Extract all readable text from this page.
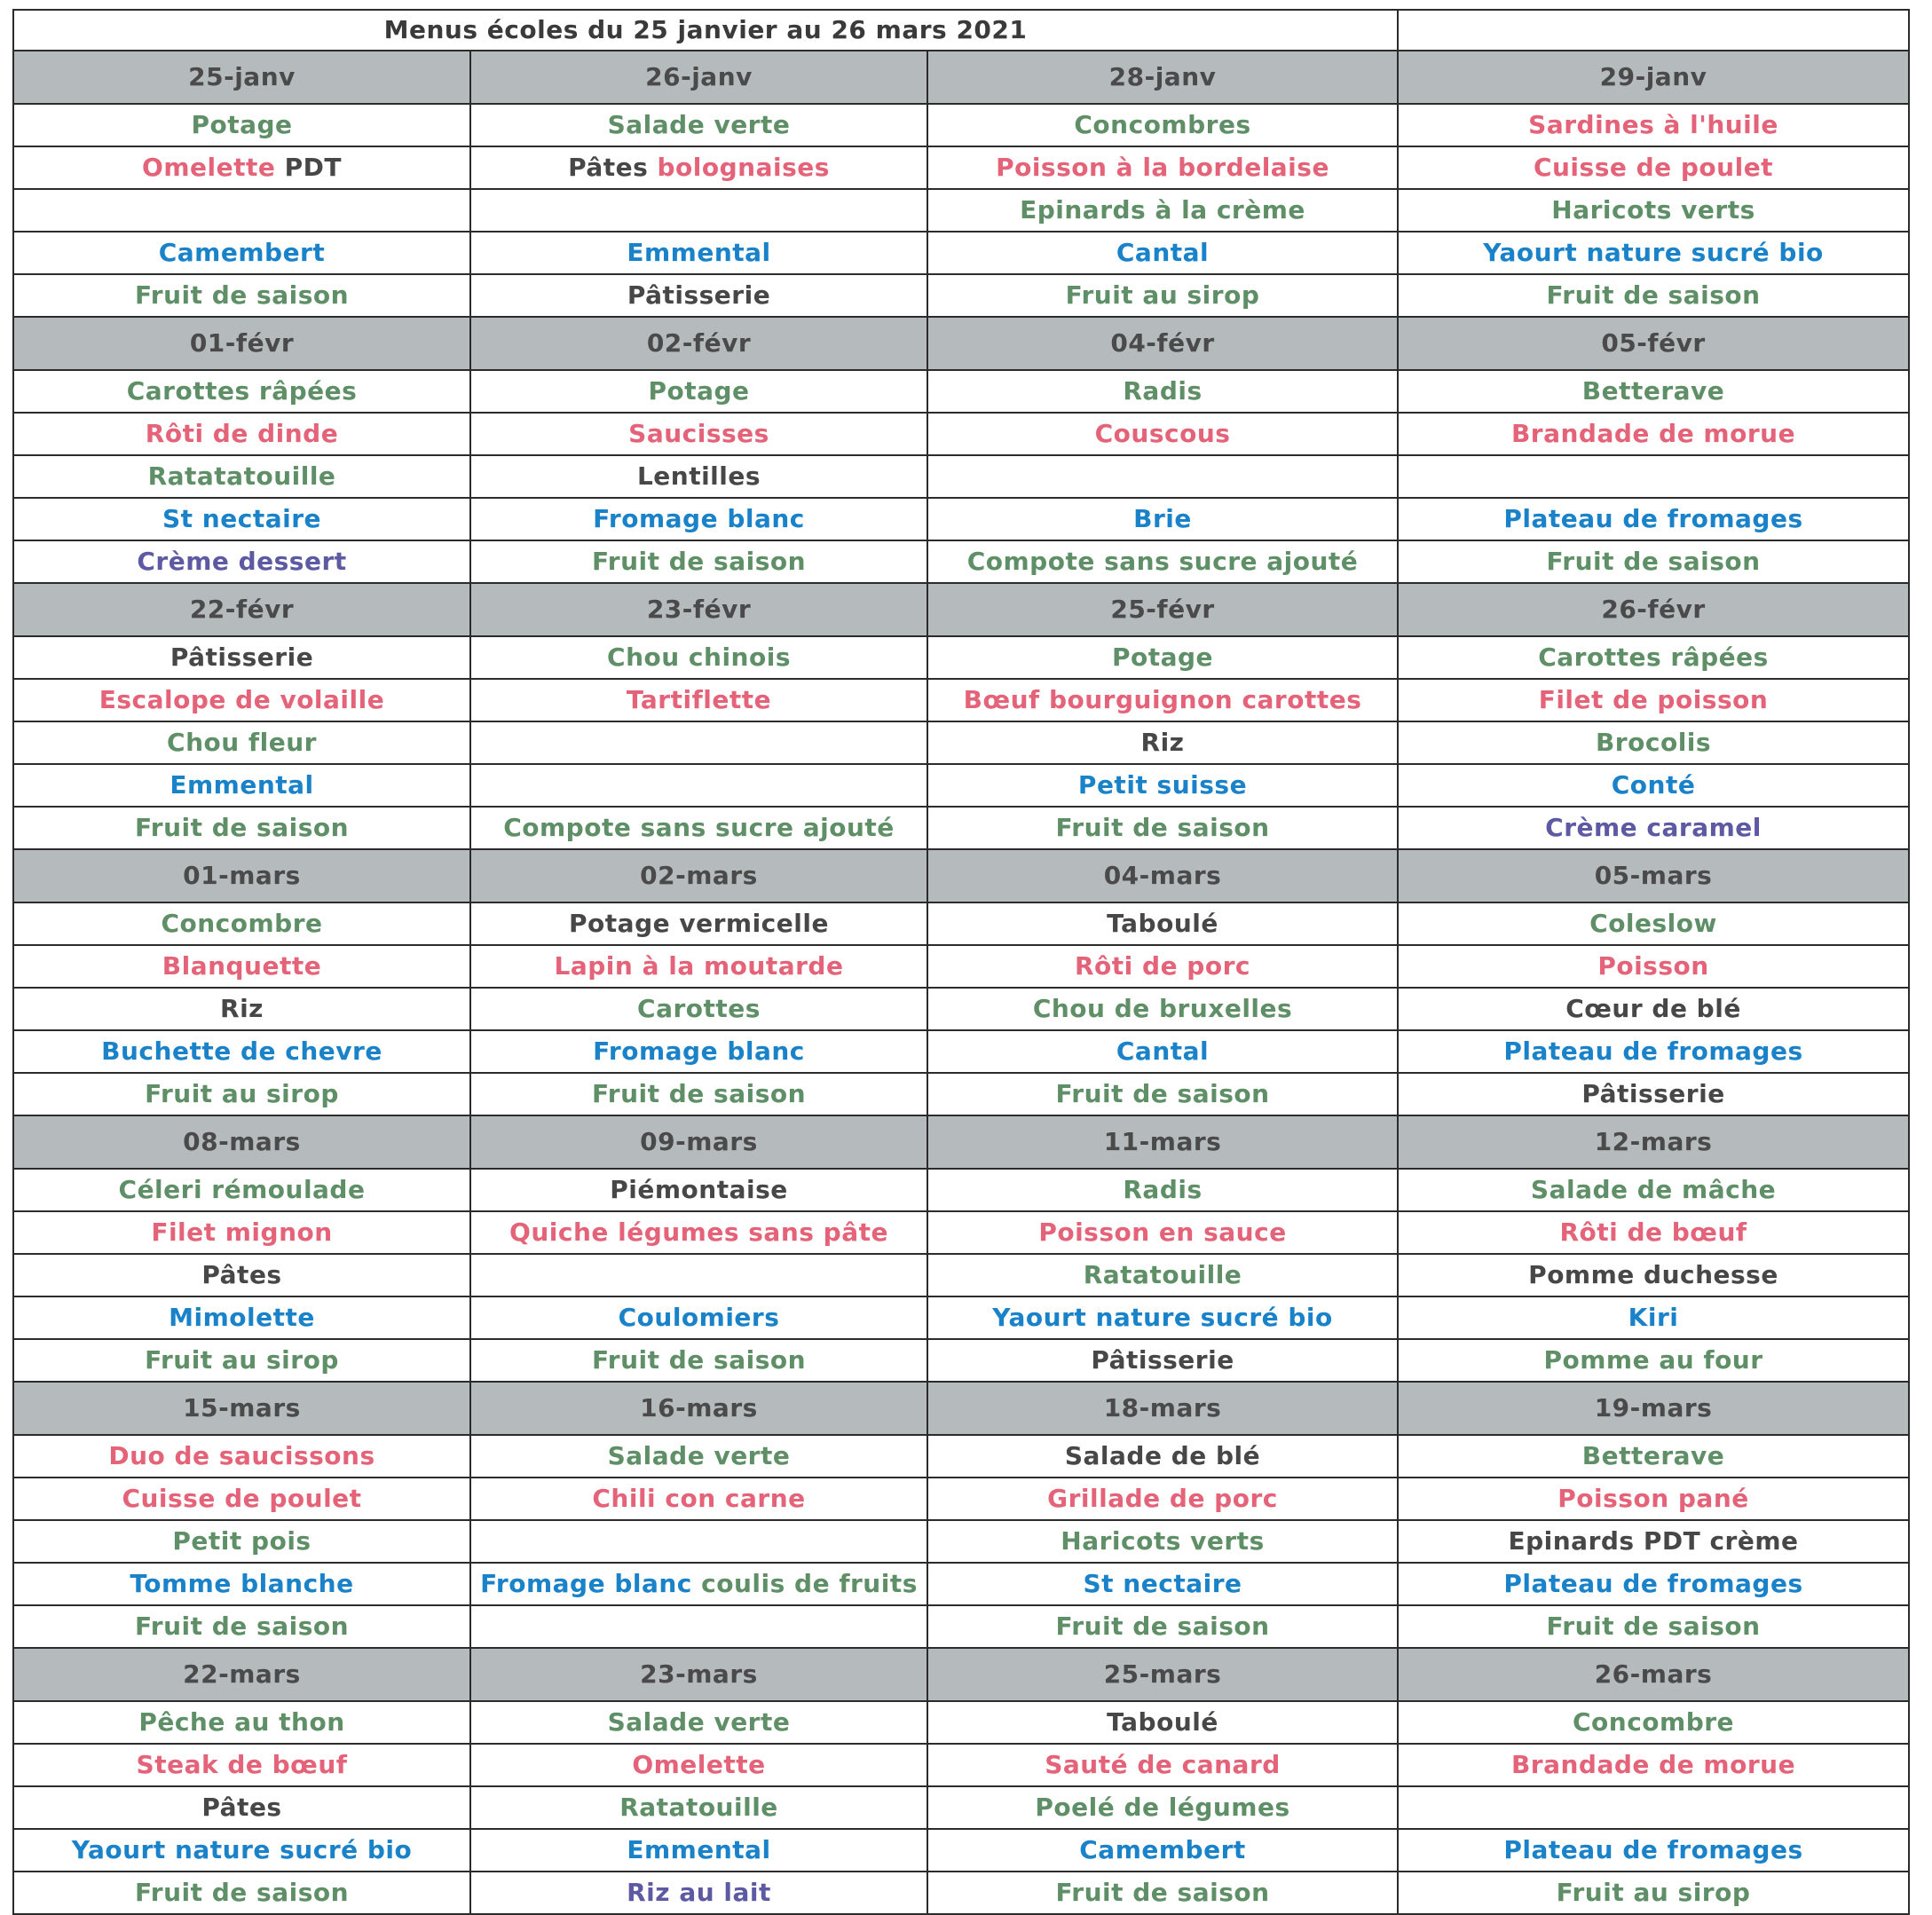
Menus écoles du 25 janvier au 26 mars 2021			
25-janv	26-janv	28-janv	29-janv
Potage	Salade verte	Concombres	Sardines à l'huile
Omelette PDT	Pâtes bolognaises	Poisson à la bordelaise	Cuisse de poulet
		Epinards à la crème	Haricots verts
Camembert	Emmental	Cantal	Yaourt nature sucré bio
Fruit de saison	Pâtisserie	Fruit au sirop	Fruit de saison
01-févr	02-févr	04-févr	05-févr
Carottes râpées	Potage	Radis	Betterave
Rôti de dinde	Saucisses	Couscous	Brandade de morue
Ratatatouille	Lentilles		
St nectaire	Fromage blanc	Brie	Plateau de fromages
Crème dessert	Fruit de saison	Compote sans sucre ajouté	Fruit de saison
22-févr	23-févr	25-févr	26-févr
Pâtisserie	Chou chinois	Potage	Carottes râpées
Escalope de volaille	Tartiflette	Bœuf bourguignon carottes	Filet de poisson
Chou fleur		Riz	Brocolis
Emmental		Petit suisse	Conté
Fruit de saison	Compote sans sucre ajouté	Fruit de saison	Crème caramel
01-mars	02-mars	04-mars	05-mars
Concombre	Potage vermicelle	Taboulé	Coleslow
Blanquette	Lapin à la moutarde	Rôti de porc	Poisson
Riz	Carottes	Chou de bruxelles	Cœur de blé
Buchette de chevre	Fromage blanc	Cantal	Plateau de fromages
Fruit au sirop	Fruit de saison	Fruit de saison	Pâtisserie
08-mars	09-mars	11-mars	12-mars
Céleri rémoulade	Piémontaise	Radis	Salade de mâche
Filet mignon	Quiche légumes sans pâte	Poisson en sauce	Rôti de bœuf
Pâtes		Ratatouille	Pomme duchesse
Mimolette	Coulomiers	Yaourt nature sucré bio	Kiri
Fruit au sirop	Fruit de saison	Pâtisserie	Pomme au four
15-mars	16-mars	18-mars	19-mars
Duo de saucissons	Salade verte	Salade de blé	Betterave
Cuisse de poulet	Chili con carne	Grillade de porc	Poisson pané
Petit pois		Haricots verts	Epinards PDT crème
Tomme blanche	Fromage blanc coulis de fruits	St nectaire	Plateau de fromages
Fruit de saison		Fruit de saison	Fruit de saison
22-mars	23-mars	25-mars	26-mars
Pêche au thon	Salade verte	Taboulé	Concombre
Steak de bœuf	Omelette	Sauté de canard	Brandade de morue
Pâtes	Ratatouille	Poelé de légumes	
Yaourt nature sucré bio	Emmental	Camembert	Plateau de fromages
Fruit de saison	Riz au lait	Fruit de saison	Fruit au sirop
